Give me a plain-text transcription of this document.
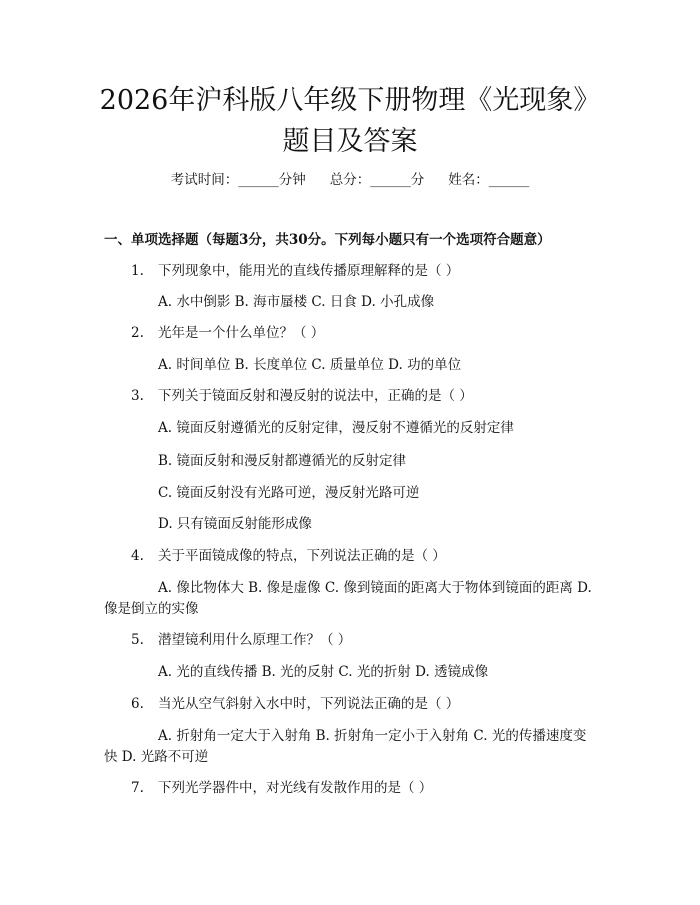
2026年沪科版八年级下册物理《光现象》题目及答案
考试时间：______分钟 总分：______分 姓名：______
一、单项选择题（每题3分，共30分。下列每小题只有一个选项符合题意）
1. 下列现象中，能用光的直线传播原理解释的是（ ）
A. 水中倒影 B. 海市蜃楼 C. 日食 D. 小孔成像
2. 光年是一个什么单位？（ ）
A. 时间单位 B. 长度单位 C. 质量单位 D. 功的单位
3. 下列关于镜面反射和漫反射的说法中，正确的是（ ）
A. 镜面反射遵循光的反射定律，漫反射不遵循光的反射定律
B. 镜面反射和漫反射都遵循光的反射定律
C. 镜面反射没有光路可逆，漫反射光路可逆
D. 只有镜面反射能形成像
4. 关于平面镜成像的特点，下列说法正确的是（ ）
A. 像比物体大 B. 像是虚像 C. 像到镜面的距离大于物体到镜面的距离 D. 像是倒立的实像
5. 潜望镜利用什么原理工作？（ ）
A. 光的直线传播 B. 光的反射 C. 光的折射 D. 透镜成像
6. 当光从空气斜射入水中时，下列说法正确的是（ ）
A. 折射角一定大于入射角 B. 折射角一定小于入射角 C. 光的传播速度变快 D. 光路不可逆
7. 下列光学器件中，对光线有发散作用的是（ ）
